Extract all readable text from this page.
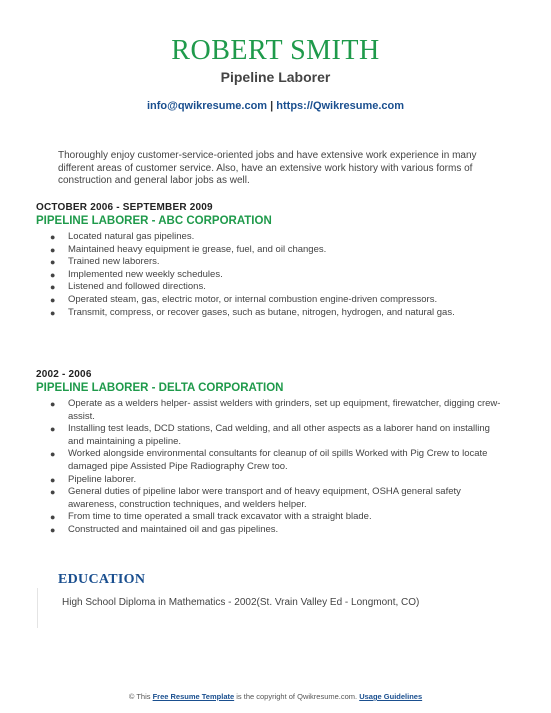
ROBERT SMITH
Pipeline Laborer
info@qwikresume.com | https://Qwikresume.com
Thoroughly enjoy customer-service-oriented jobs and have extensive work experience in many different areas of customer service. Also, have an extensive work history with various forms of construction and general labor jobs as well.
OCTOBER 2006 - SEPTEMBER 2009
PIPELINE LABORER - ABC CORPORATION
● Located natural gas pipelines.
● Maintained heavy equipment ie grease, fuel, and oil changes.
● Trained new laborers.
● Implemented new weekly schedules.
● Listened and followed directions.
● Operated steam, gas, electric motor, or internal combustion engine-driven compressors.
● Transmit, compress, or recover gases, such as butane, nitrogen, hydrogen, and natural gas.
2002 - 2006
PIPELINE LABORER - DELTA CORPORATION
● Operate as a welders helper- assist welders with grinders, set up equipment, firewatcher, digging crew-assist.
● Installing test leads, DCD stations, Cad welding, and all other aspects as a laborer hand on installing and maintaining a pipeline.
● Worked alongside environmental consultants for cleanup of oil spills Worked with Pig Crew to locate damaged pipe Assisted Pipe Radiography Crew too.
● Pipeline laborer.
● General duties of pipeline labor were transport and of heavy equipment, OSHA general safety awareness, construction techniques, and welders helper.
● From time to time operated a small track excavator with a straight blade.
● Constructed and maintained oil and gas pipelines.
EDUCATION
High School Diploma in Mathematics - 2002(St. Vrain Valley Ed - Longmont, CO)
© This Free Resume Template is the copyright of Qwikresume.com. Usage Guidelines
